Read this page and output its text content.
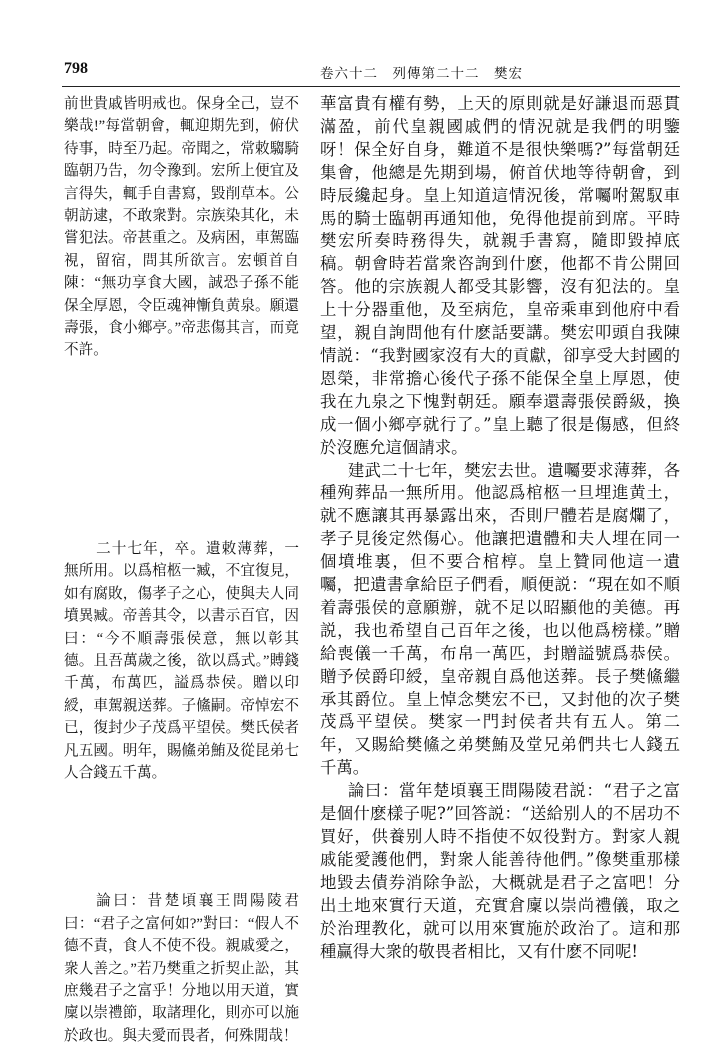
798	卷六十二　列傳第二十二　樊宏

前世貴戚皆明戒也。保身全己，豈不樂哉!”每當朝會，輒迎期先到，俯伏待事，時至乃起。帝聞之，常敕騶騎臨朝乃告，勿令豫到。宏所上便宜及言得失，輒手自書寫，毀削草本。公朝訪逮，不敢衆對。宗族染其化，未嘗犯法。帝甚重之。及病困，車駕臨視，留宿，問其所欲言。宏頓首自陳：“無功享食大國，誠恐子孫不能保全厚恩，令臣魂神慚負黄泉。願還壽張，食小鄉亭。”帝悲傷其言，而竟不許。

二十七年，卒。遺敕薄葬，一無所用。以爲棺柩一臧，不宜復見，如有腐敗，傷孝子之心，使與夫人同墳異臧。帝善其令，以書示百官，因曰：“今不順壽張侯意，無以彰其德。且吾萬歲之後，欲以爲式。”賻錢千萬，布萬匹，謚爲恭侯。贈以印綬，車駕親送葬。子鯈嗣。帝悼宏不已，復封少子茂爲平望侯。樊氏侯者凡五國。明年，賜鯈弟鮪及從昆弟七人合錢五千萬。

論曰：昔楚頃襄王問陽陵君曰：“君子之富何如?”對曰：“假人不德不責，食人不使不役。親戚愛之，衆人善之。”若乃樊重之折契止訟，其庶幾君子之富乎！分地以用天道，實廩以崇禮節，取諸理化，則亦可以施於政也。與夫愛而畏者，何殊閒哉！

華富貴有權有勢，上天的原則就是好謙退而惡貫滿盈，前代皇親國戚們的情況就是我們的明鑒呀！保全好自身，難道不是很快樂嗎?”每當朝廷集會，他總是先期到場，俯首伏地等待朝會，到時辰纔起身。皇上知道這情況後，常囑咐駕馭車馬的騎士臨朝再通知他，免得他提前到席。平時樊宏所奏時務得失，就親手書寫，隨即毀掉底稿。朝會時若當衆咨詢到什麽，他都不肯公開回答。他的宗族親人都受其影響，沒有犯法的。皇上十分器重他，及至病危，皇帝乘車到他府中看望，親自詢問他有什麽話要講。樊宏叩頭自我陳情説：“我對國家沒有大的貢獻，卻享受大封國的恩榮，非常擔心後代子孫不能保全皇上厚恩，使我在九泉之下愧對朝廷。願奉還壽張侯爵級，換成一個小鄉亭就行了。”皇上聽了很是傷感，但終於沒應允這個請求。

建武二十七年，樊宏去世。遺囑要求薄葬，各種殉葬品一無所用。他認爲棺柩一旦埋進黄土，就不應讓其再暴露出來，否則尸體若是腐爛了，孝子見後定然傷心。他讓把遺體和夫人埋在同一個墳堆裏，但不要合棺椁。皇上贊同他這一遺囑，把遺書拿給臣子們看，順便説：“現在如不順着壽張侯的意願辦，就不足以昭顯他的美德。再説，我也希望自己百年之後，也以他爲榜樣。”贈給喪儀一千萬，布帛一萬匹，封贈謚號爲恭侯。贈予侯爵印綬，皇帝親自爲他送葬。長子樊鯈繼承其爵位。皇上悼念樊宏不已，又封他的次子樊茂爲平望侯。樊家一門封侯者共有五人。第二年，又賜給樊鯈之弟樊鮪及堂兄弟們共七人錢五千萬。

論曰：當年楚頃襄王問陽陵君説：“君子之富是個什麽樣子呢?”回答説：“送給别人的不居功不買好，供養别人時不指使不奴役對方。對家人親戚能愛護他們，對衆人能善待他們。”像樊重那樣地毀去債券消除争訟，大概就是君子之富吧！分出土地來實行天道，充實倉廩以崇尚禮儀，取之於治理教化，就可以用來實施於政治了。這和那種赢得大衆的敬畏者相比，又有什麽不同呢!
